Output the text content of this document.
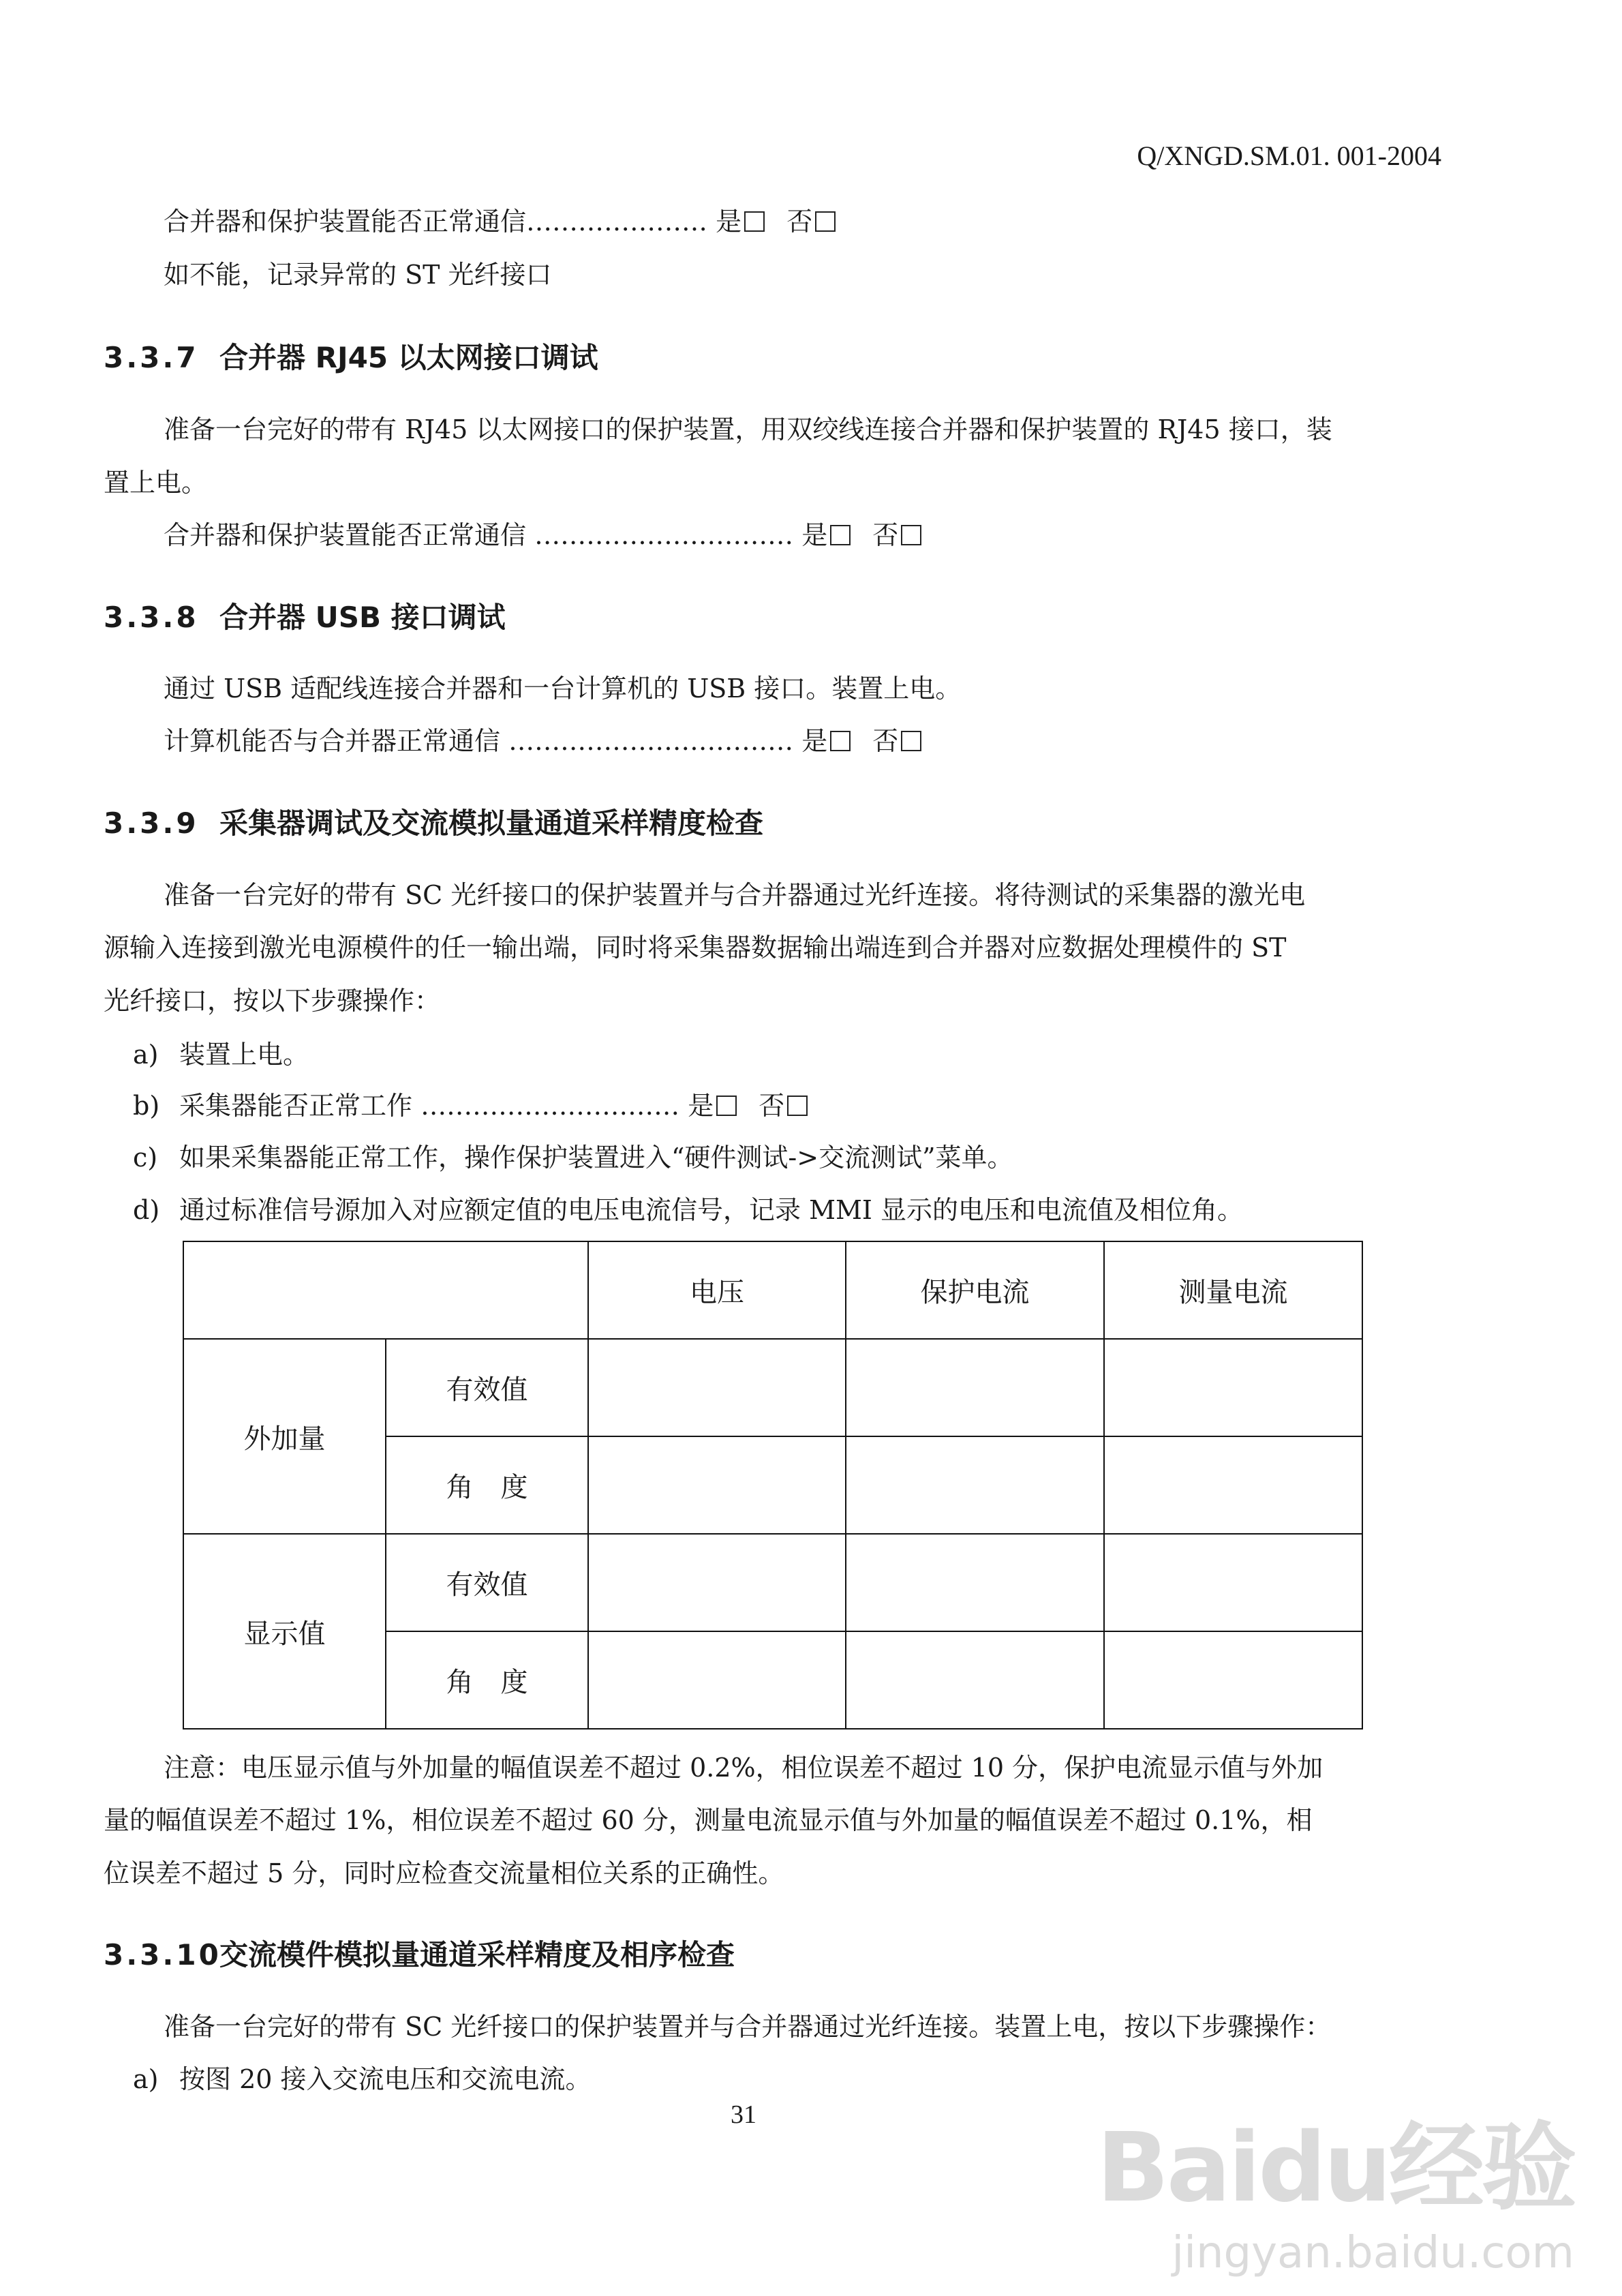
Q/XNGD.SM.01. 001-2004
合并器和保护装置能否正常通信………………… 是 否
如不能，记录异常的 ST 光纤接口
3.3.7 合并器 RJ45 以太网接口调试
准备一台完好的带有 RJ45 以太网接口的保护装置，用双绞线连接合并器和保护装置的 RJ45 接口，装
置上电。
合并器和保护装置能否正常通信 ………………………… 是 否
3.3.8 合并器 USB 接口调试
通过 USB 适配线连接合并器和一台计算机的 USB 接口。装置上电。
计算机能否与合并器正常通信 …………………………… 是 否
3.3.9 采集器调试及交流模拟量通道采样精度检查
准备一台完好的带有 SC 光纤接口的保护装置并与合并器通过光纤连接。将待测试的采集器的激光电
源输入连接到激光电源模件的任一输出端，同时将采集器数据输出端连到合并器对应数据处理模件的 ST
光纤接口，按以下步骤操作：
a) 装置上电。
b) 采集器能否正常工作 ………………………… 是 否
c) 如果采集器能正常工作，操作保护装置进入“硬件测试->交流测试”菜单。
d) 通过标准信号源加入对应额定值的电压电流信号，记录 MMI 显示的电压和电流值及相位角。
		电压	保护电流	测量电流
外加量	有效值			
	角　度			
显示值	有效值			
	角　度			
注意：电压显示值与外加量的幅值误差不超过 0.2%，相位误差不超过 10 分，保护电流显示值与外加
量的幅值误差不超过 1%，相位误差不超过 60 分，测量电流显示值与外加量的幅值误差不超过 0.1%，相
位误差不超过 5 分，同时应检查交流量相位关系的正确性。
3.3.10交流模件模拟量通道采样精度及相序检查
准备一台完好的带有 SC 光纤接口的保护装置并与合并器通过光纤连接。装置上电，按以下步骤操作：
a) 按图 20 接入交流电压和交流电流。
31	Baidu经验
jingyan.baidu.com
